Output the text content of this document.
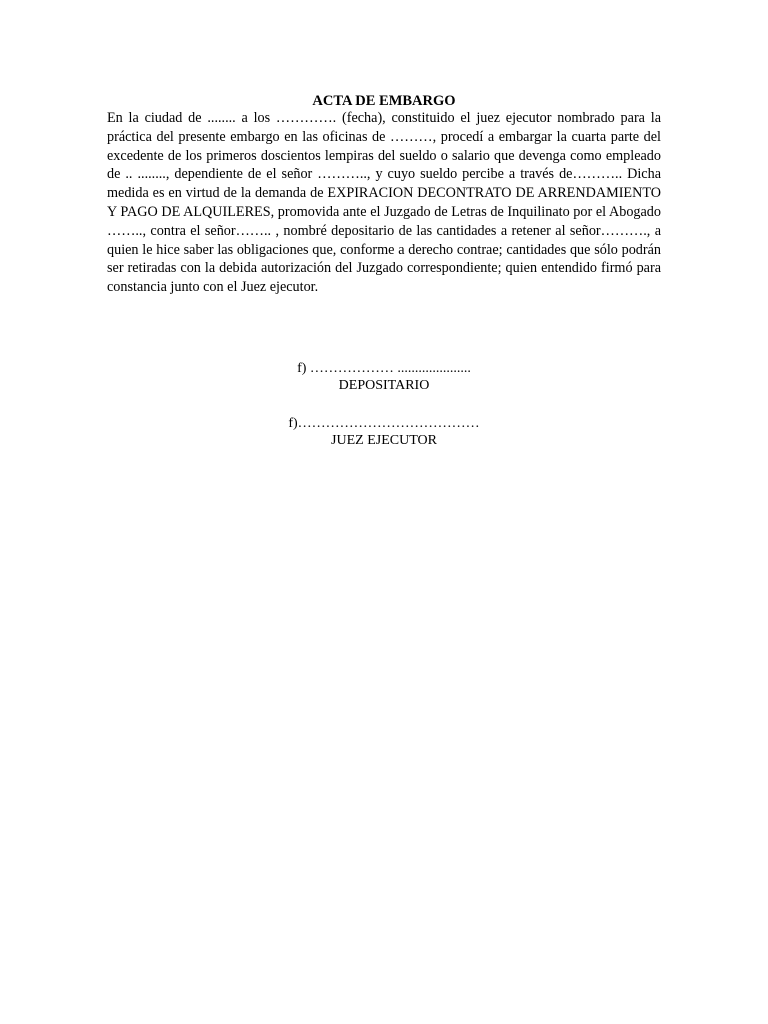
ACTA DE EMBARGO

En la ciudad de ........ a los …………. (fecha), constituido el juez ejecutor nombrado para la práctica del presente embargo en las oficinas de ………, procedí a embargar la cuarta parte del excedente de los primeros doscientos lempiras del sueldo o salario que devenga como empleado de .. ........, dependiente de el señor ……….., y cuyo sueldo percibe a través de……….. Dicha medida es en virtud de la demanda de EXPIRACION DECONTRATO DE ARRENDAMIENTO Y PAGO DE ALQUILERES, promovida ante el Juzgado de Letras de Inquilinato por el Abogado …….., contra el señor…….. , nombré depositario de las cantidades a retener al señor………., a quien le hice saber las obligaciones que, conforme a derecho contrae; cantidades que sólo podrán ser retiradas con la debida autorización del Juzgado correspondiente; quien entendido firmó para constancia junto con el Juez ejecutor.

f) ……………… .....................
DEPOSITARIO
f)…………………………………
JUEZ EJECUTOR
